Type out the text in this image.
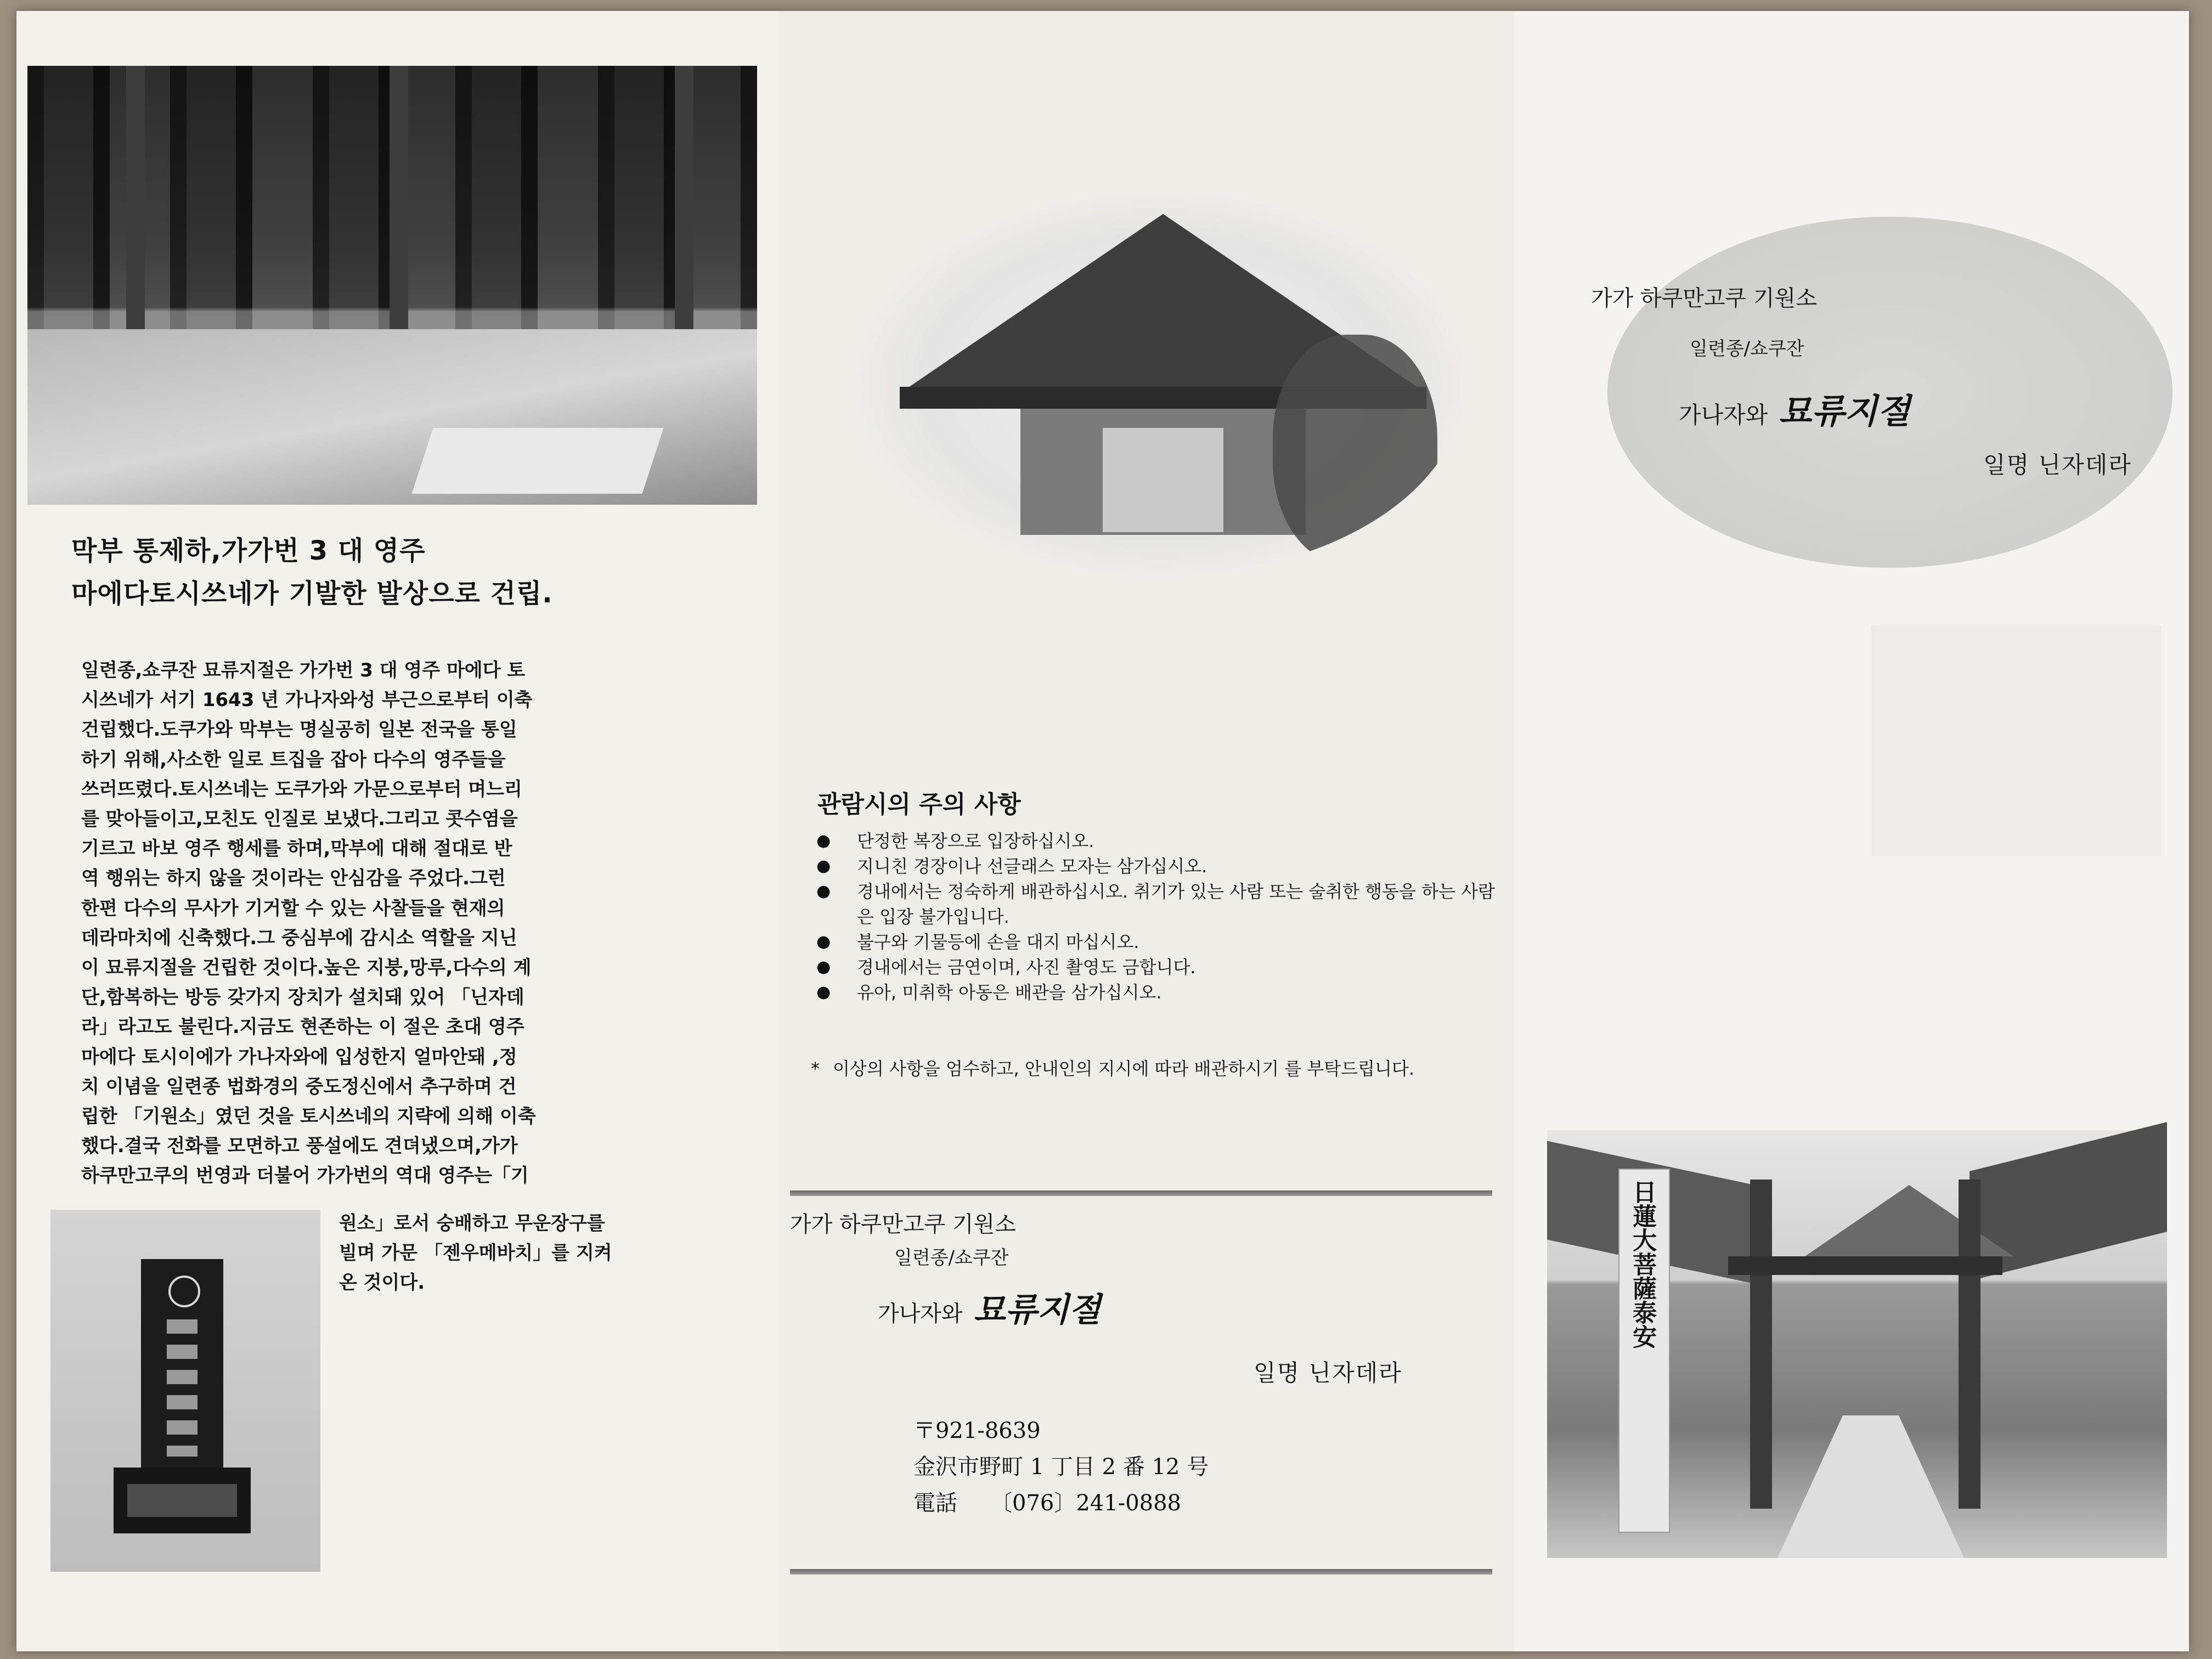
막부 통제하,가가번 3 대 영주
마에다토시쓰네가 기발한 발상으로 건립.
일련종,쇼쿠잔 묘류지절은 가가번 3 대 영주 마에다 토
시쓰네가 서기 1643 년 가나자와성 부근으로부터 이축
건립했다.도쿠가와 막부는 명실공히 일본 전국을 통일
하기 위해,사소한 일로 트집을 잡아 다수의 영주들을
쓰러뜨렸다.토시쓰네는 도쿠가와 가문으로부터 며느리
를 맞아들이고,모친도 인질로 보냈다.그리고 콧수염을
기르고 바보 영주 행세를 하며,막부에 대해 절대로 반
역 행위는 하지 않을 것이라는 안심감을 주었다.그런
한편 다수의 무사가 기거할 수 있는 사찰들을 현재의
데라마치에 신축했다.그 중심부에 감시소 역할을 지닌
이 묘류지절을 건립한 것이다.높은 지붕,망루,다수의 계
단,함복하는 방등 갖가지 장치가 설치돼 있어 「닌자데
라」라고도 불린다.지금도 현존하는 이 절은 초대 영주
마에다 토시이에가 가나자와에 입성한지 얼마안돼 ,정
치 이념을 일련종 법화경의 중도정신에서 추구하며 건
립한 「기원소」였던 것을 토시쓰네의 지략에 의해 이축
했다.결국 전화를 모면하고 풍설에도 견뎌냈으며,가가
하쿠만고쿠의 번영과 더불어 가가번의 역대 영주는「기
원소」로서 숭배하고 무운장구를
빌며 가문 「젠우메바치」를 지켜
온 것이다.
관람시의 주의 사항
● 단정한 복장으로 입장하십시오.
● 지니친 경장이나 선글래스 모자는 삼가십시오.
● 경내에서는 정숙하게 배관하십시오. 취기가 있는 사람 또는 술취한 행동을 하는 사람은 입장 불가입니다.
● 불구와 기물등에 손을 대지 마십시오.
● 경내에서는 금연이며, 사진 촬영도 금합니다.
● 유아, 미취학 아동은 배관을 삼가십시오.
* 이상의 사항을 엄수하고, 안내인의 지시에 따라 배관하시기 를 부탁드립니다.
가가 하쿠만고쿠 기원소
일련종/쇼쿠잔
가나자와 묘류지절
일명 닌자데라
〒921-8639
金沢市野町 1 丁目 2 番 12 号
電話 〔076〕241-0888
가가 하쿠만고쿠 기원소
일련종/쇼쿠잔
가나자와 묘류지절
일명 닌자데라
日蓮大菩薩泰安
